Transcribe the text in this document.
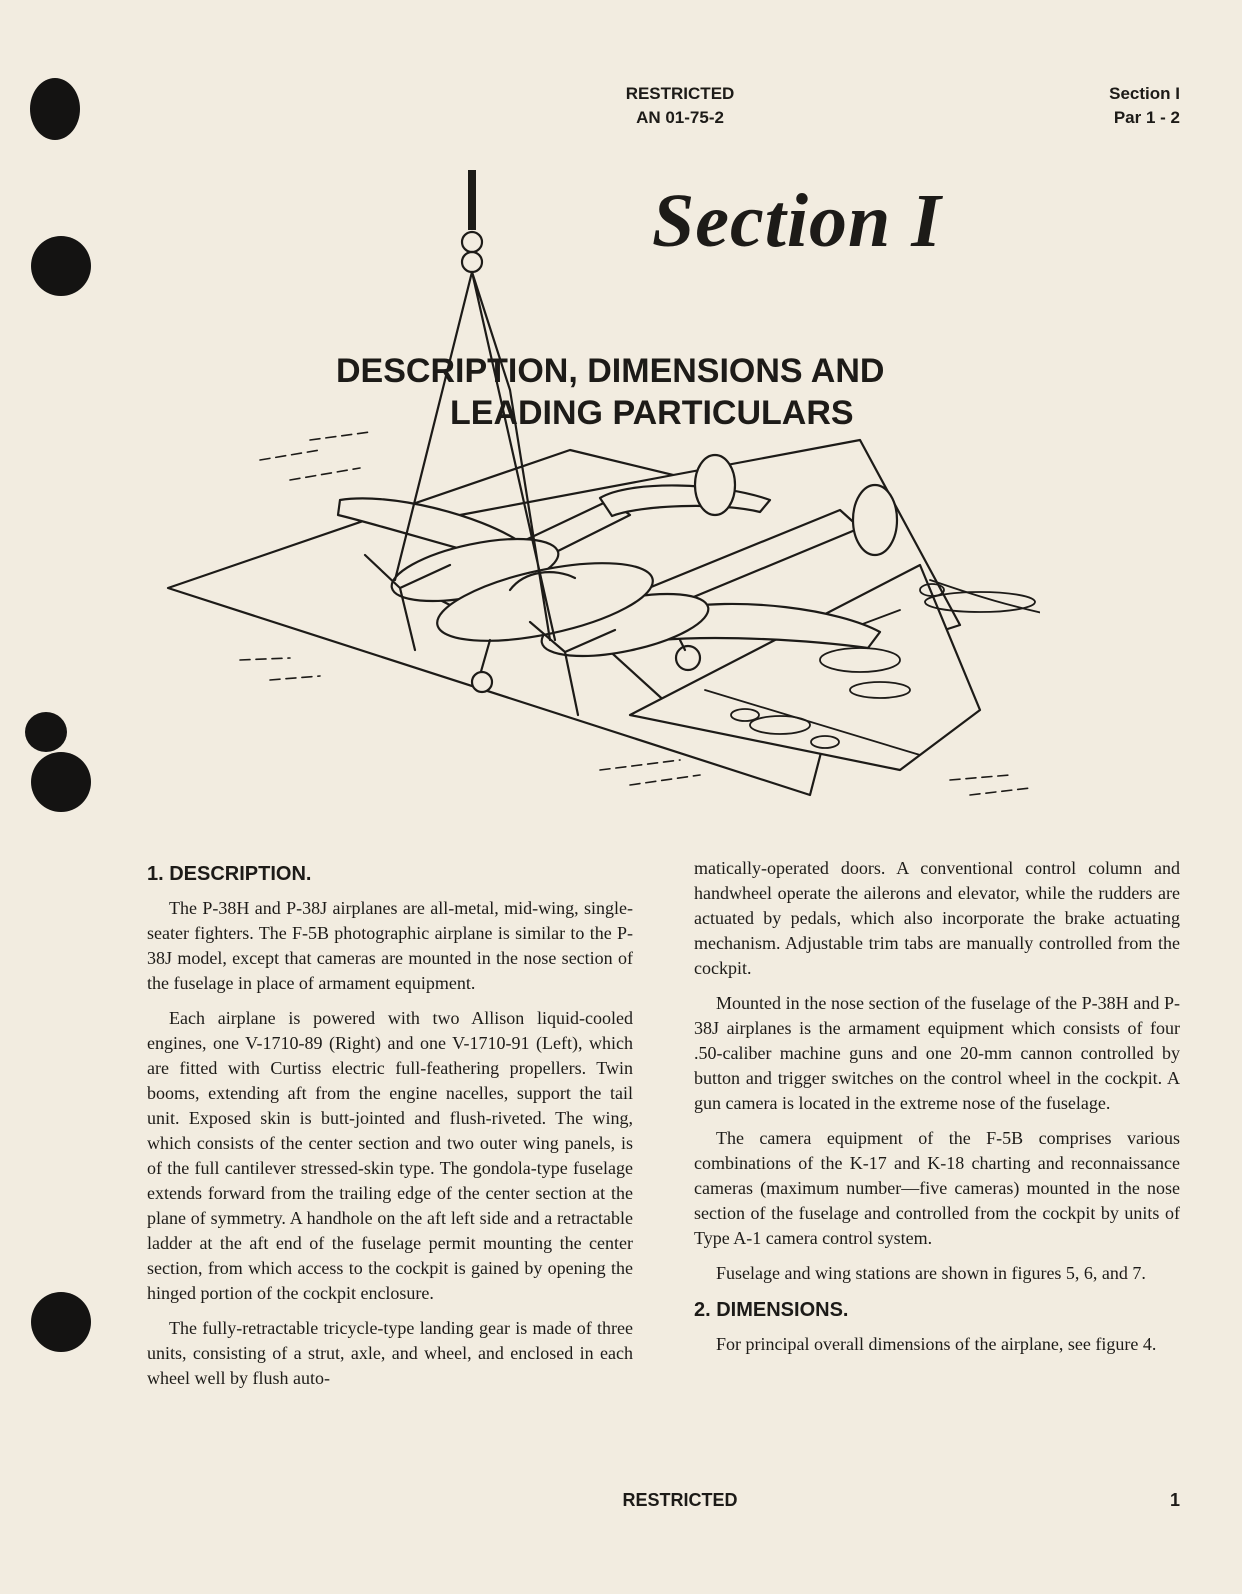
RESTRICTED
AN 01-75-2
Section I
Par 1 - 2
Section I
DESCRIPTION, DIMENSIONS AND
LEADING PARTICULARS
1. DESCRIPTION.

The P-38H and P-38J airplanes are all-metal, mid-wing, single-seater fighters. The F-5B photographic airplane is similar to the P-38J model, except that cameras are mounted in the nose section of the fuselage in place of armament equipment.

Each airplane is powered with two Allison liquid-cooled engines, one V-1710-89 (Right) and one V-1710-91 (Left), which are fitted with Curtiss electric full-feathering propellers. Twin booms, extending aft from the engine nacelles, support the tail unit. Exposed skin is butt-jointed and flush-riveted. The wing, which consists of the center section and two outer wing panels, is of the full cantilever stressed-skin type. The gondola-type fuselage extends forward from the trailing edge of the center section at the plane of symmetry. A handhole on the aft left side and a retractable ladder at the aft end of the fuselage permit mounting the center section, from which access to the cockpit is gained by opening the hinged portion of the cockpit enclosure.

The fully-retractable tricycle-type landing gear is made of three units, consisting of a strut, axle, and wheel, and enclosed in each wheel well by flush auto-

matically-operated doors. A conventional control column and handwheel operate the ailerons and elevator, while the rudders are actuated by pedals, which also incorporate the brake actuating mechanism. Adjustable trim tabs are manually controlled from the cockpit.

Mounted in the nose section of the fuselage of the P-38H and P-38J airplanes is the armament equipment which consists of four .50-caliber machine guns and one 20-mm cannon controlled by button and trigger switches on the control wheel in the cockpit. A gun camera is located in the extreme nose of the fuselage.

The camera equipment of the F-5B comprises various combinations of the K-17 and K-18 charting and reconnaissance cameras (maximum number—five cameras) mounted in the nose section of the fuselage and controlled from the cockpit by units of Type A-1 camera control system.

Fuselage and wing stations are shown in figures 5, 6, and 7.

2. DIMENSIONS.

For principal overall dimensions of the airplane, see figure 4.

RESTRICTED	1
